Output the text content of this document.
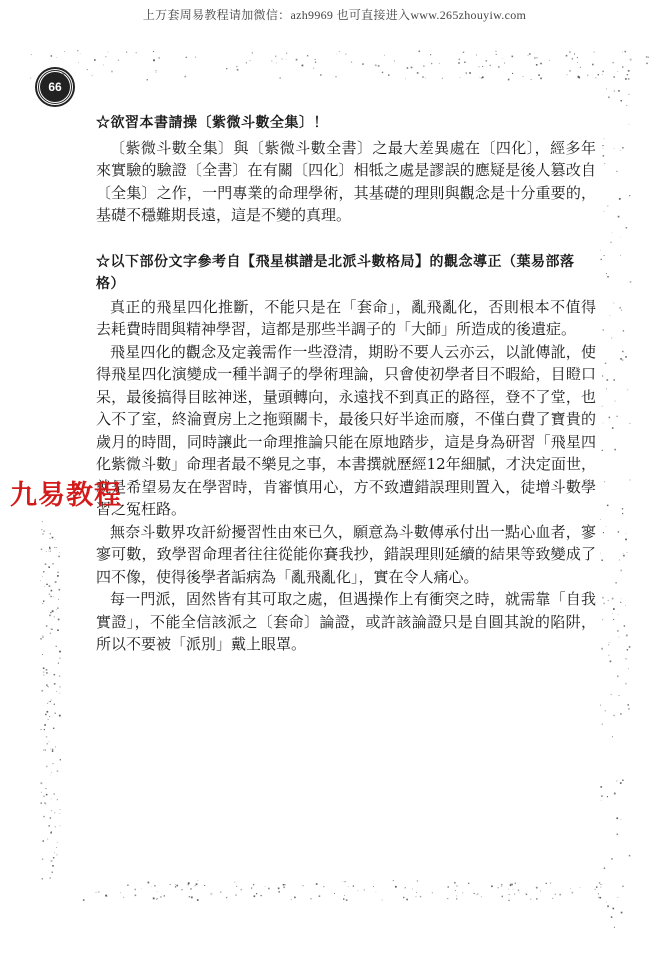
上万套周易教程请加微信：azh9969 也可直接进入www.265zhouyiw.com
66
☆欲習本書請操〔紫微斗數全集〕！
〔紫微斗數全集〕與〔紫微斗數全書〕之最大差異處在〔四化〕，經多年來實驗的驗證〔全書〕在有關〔四化〕相牴之處是謬誤的應疑是後人篡改自〔全集〕之作，一門專業的命理學術，其基礎的理則與觀念是十分重要的，基礎不穩難期長遠，這是不變的真理。
☆以下部份文字參考自【飛星棋譜是北派斗數格局】的觀念導正（葉易部落格）
真正的飛星四化推斷，不能只是在「套命」，亂飛亂化，否則根本不值得去耗費時間與精神學習，這都是那些半調子的「大師」所造成的後遺症。
飛星四化的觀念及定義需作一些澄清，期盼不要人云亦云，以訛傳訛，使得飛星四化演變成一種半調子的學術理論，只會使初學者目不暇給，目瞪口呆，最後搞得目眩神迷，量頭轉向，永遠找不到真正的路徑，登不了堂，也入不了室，終淪賣房上之拖頸關卡，最後只好半途而廢，不僅白費了寶貴的歲月的時間，同時讓此一命理推論只能在原地踏步，這是身為研習「飛星四化紫微斗數」命理者最不樂見之事，本書撰就歷經12年細膩，才決定面世，就是希望易友在學習時，肯審慎用心，方不致遭錯誤理則置入，徒增斗數學習之冤枉路。
無奈斗數界攻訐紛擾習性由來已久，願意為斗數傳承付出一點心血者，寥寥可數，致學習命理者往往從能你賽我抄，錯誤理則延續的結果等致變成了四不像，使得後學者詬病為「亂飛亂化」，實在令人痛心。
每一門派，固然皆有其可取之處，但遇操作上有衝突之時，就需靠「自我實證」，不能全信該派之〔套命〕論證，或許該論證只是自圓其說的陷阱，所以不要被「派別」戴上眼罩。
九易教程
